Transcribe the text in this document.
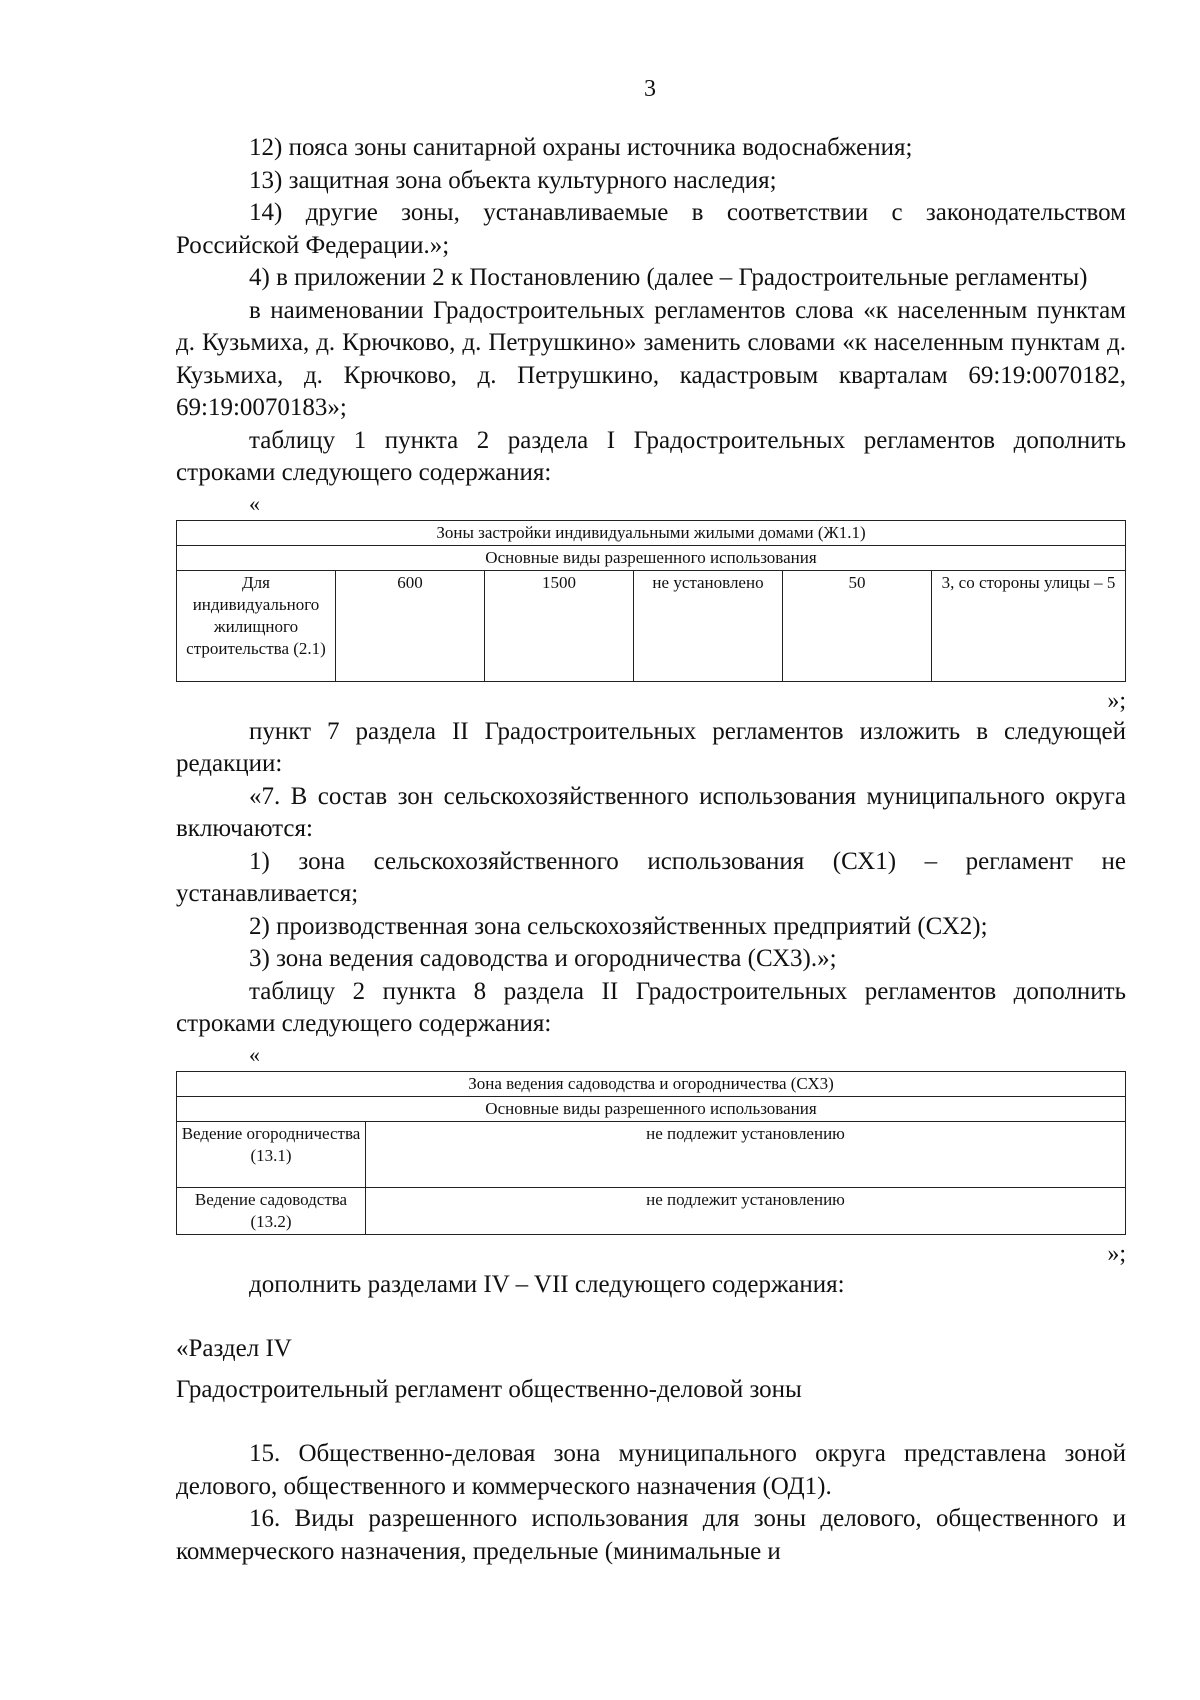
3

12) пояса зоны санитарной охраны источника водоснабжения;

13) защитная зона объекта культурного наследия;

14) другие зоны, устанавливаемые в соответствии с законодательством Российской Федерации.»;

4) в приложении 2 к Постановлению (далее – Градостроительные регламенты)

в наименовании Градостроительных регламентов слова «к населенным пунктам д. Кузьмиха, д. Крючково, д. Петрушкино» заменить словами «к населенным пунктам д. Кузьмиха, д. Крючково, д. Петрушкино, кадастровым кварталам 69:19:0070182, 69:19:0070183»;

таблицу 1 пункта 2 раздела I Градостроительных регламентов дополнить строками следующего содержания:

«
Зоны застройки индивидуальными жилыми домами (Ж1.1)
Основные виды разрешенного использования
Для индивидуального жилищного строительства (2.1)	600	1500	не установлено	50	3, со стороны улицы – 5
»;

пункт 7 раздела II Градостроительных регламентов изложить в следующей редакции:

«7. В состав зон сельскохозяйственного использования муниципального округа включаются:

1) зона сельскохозяйственного использования (СХ1) – регламент не устанавливается;

2) производственная зона сельскохозяйственных предприятий (СХ2);

3) зона ведения садоводства и огородничества (СХ3).»;

таблицу 2 пункта 8 раздела II Градостроительных регламентов дополнить строками следующего содержания:

«
Зона ведения садоводства и огородничества (СХ3)	
Основные виды разрешенного использования	
Ведение огородничества (13.1)	не подлежит установлению
Ведение садоводства (13.2)	не подлежит установлению
»;

дополнить разделами IV – VII следующего содержания:

«Раздел IV

Градостроительный регламент общественно-деловой зоны

15. Общественно-деловая зона муниципального округа представлена зоной делового, общественного и коммерческого назначения (ОД1).

16. Виды разрешенного использования для зоны делового, общественного и коммерческого назначения, предельные (минимальные и
